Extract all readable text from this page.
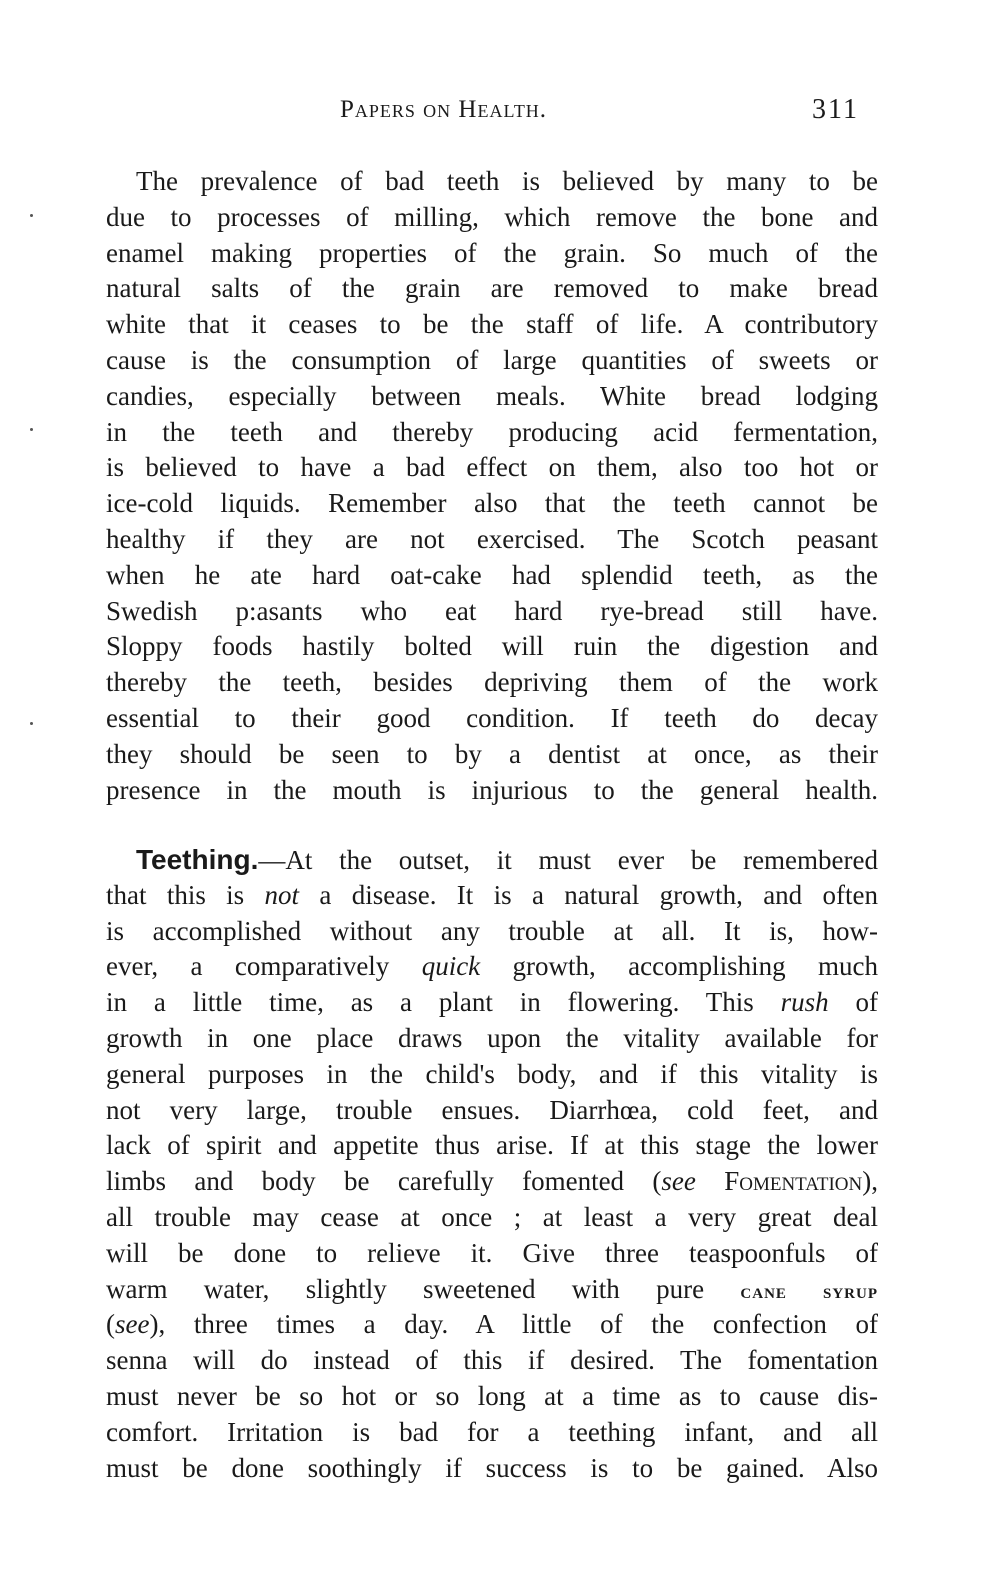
Papers on Health.	311
The prevalence of bad teeth is believed by many to be
due to processes of milling, which remove the bone and
enamel making properties of the grain. So much of the
natural salts of the grain are removed to make bread
white that it ceases to be the staff of life. A contributory
cause is the consumption of large quantities of sweets or
candies, especially between meals. White bread lodging
in the teeth and thereby producing acid fermentation,
is believed to have a bad effect on them, also too hot or
ice-cold liquids. Remember also that the teeth cannot be
healthy if they are not exercised. The Scotch peasant
when he ate hard oat-cake had splendid teeth, as the
Swedish p:asants who eat hard rye-bread still have.
Sloppy foods hastily bolted will ruin the digestion and
thereby the teeth, besides depriving them of the work
essential to their good condition. If teeth do decay
they should be seen to by a dentist at once, as their
presence in the mouth is injurious to the general health.
Teething.—At the outset, it must ever be remembered
that this is not a disease. It is a natural growth, and often
is accomplished without any trouble at all. It is, how-
ever, a comparatively quick growth, accomplishing much
in a little time, as a plant in flowering. This rush of
growth in one place draws upon the vitality available for
general purposes in the child's body, and if this vitality is
not very large, trouble ensues. Diarrhœa, cold feet, and
lack of spirit and appetite thus arise. If at this stage the lower
limbs and body be carefully fomented (see Fomentation),
all trouble may cease at once ; at least a very great deal
will be done to relieve it. Give three teaspoonfuls of
warm water, slightly sweetened with pure cane syrup
(see), three times a day. A little of the confection of
senna will do instead of this if desired. The fomentation
must never be so hot or so long at a time as to cause dis-
comfort. Irritation is bad for a teething infant, and all
must be done soothingly if success is to be gained. Also
